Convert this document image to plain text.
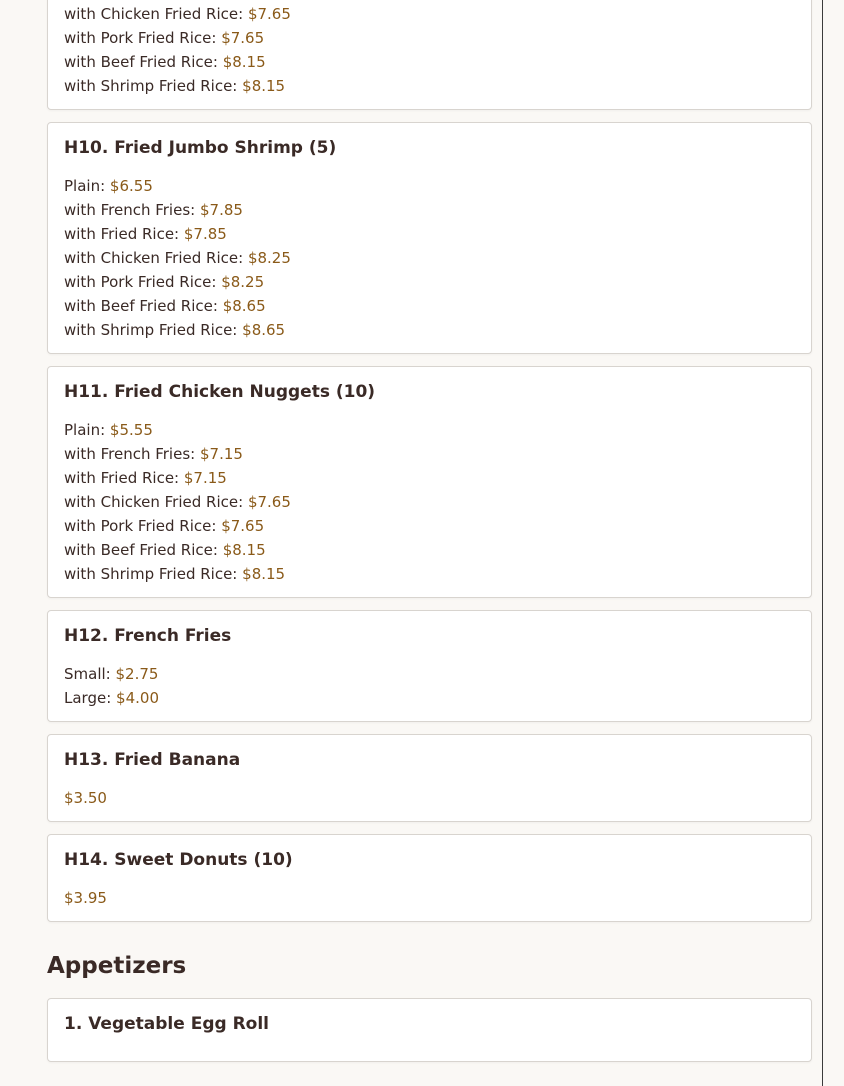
with Chicken Fried Rice: $7.65
with Pork Fried Rice: $7.65
with Beef Fried Rice: $8.15
with Shrimp Fried Rice: $8.15
H10. Fried Jumbo Shrimp (5)
Plain: $6.55
with French Fries: $7.85
with Fried Rice: $7.85
with Chicken Fried Rice: $8.25
with Pork Fried Rice: $8.25
with Beef Fried Rice: $8.65
with Shrimp Fried Rice: $8.65
H11. Fried Chicken Nuggets (10)
Plain: $5.55
with French Fries: $7.15
with Fried Rice: $7.15
with Chicken Fried Rice: $7.65
with Pork Fried Rice: $7.65
with Beef Fried Rice: $8.15
with Shrimp Fried Rice: $8.15
H12. French Fries
Small: $2.75
Large: $4.00
H13. Fried Banana
$3.50
H14. Sweet Donuts (10)
$3.95
Appetizers
1. Vegetable Egg Roll
